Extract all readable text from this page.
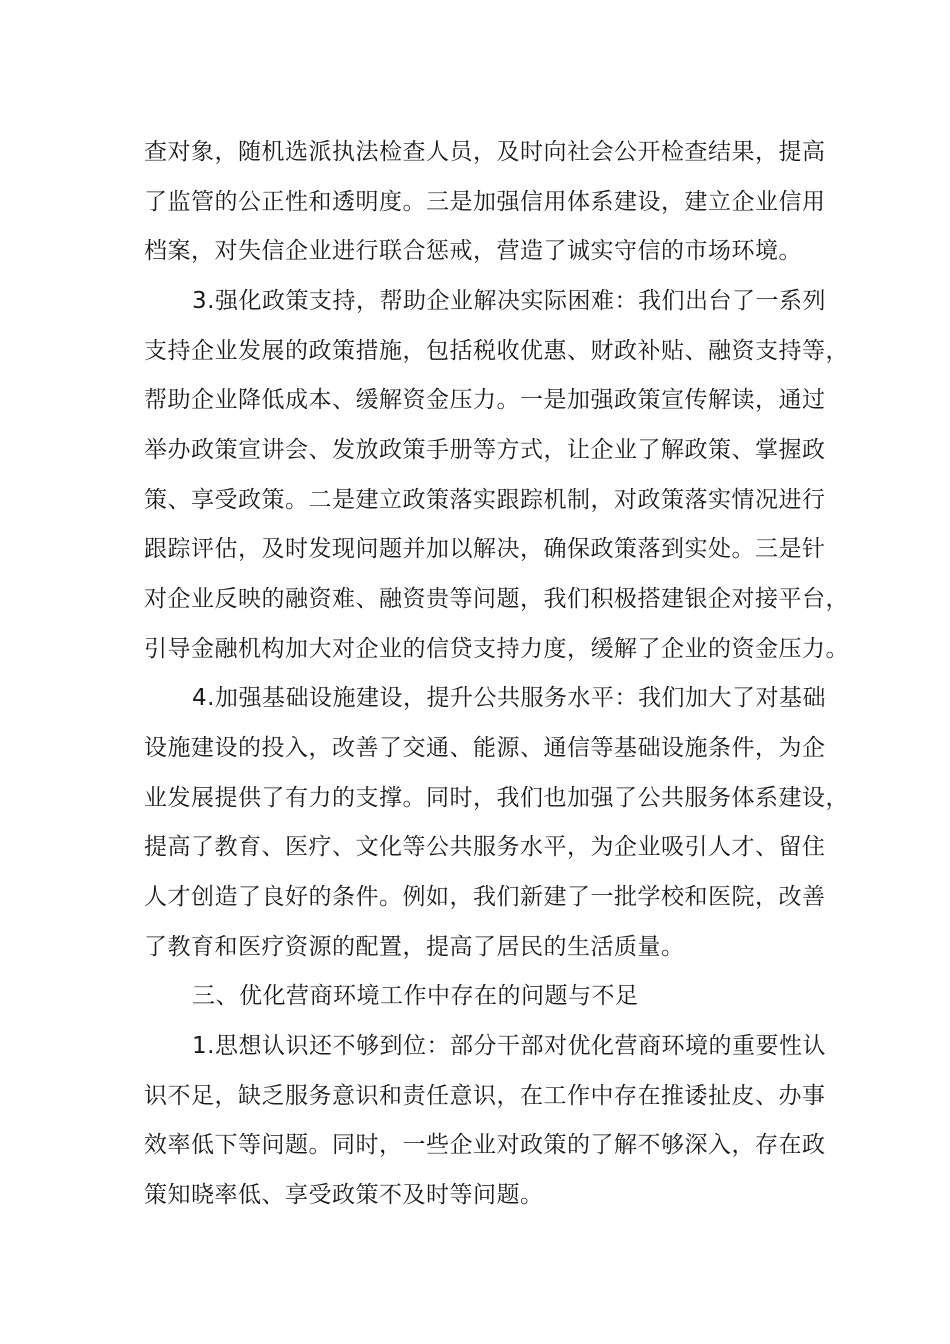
查对象，随机选派执法检查人员，及时向社会公开检查结果，提高
了监管的公正性和透明度。三是加强信用体系建设，建立企业信用
档案，对失信企业进行联合惩戒，营造了诚实守信的市场环境。
3.强化政策支持，帮助企业解决实际困难：我们出台了一系列
支持企业发展的政策措施，包括税收优惠、财政补贴、融资支持等，
帮助企业降低成本、缓解资金压力。一是加强政策宣传解读，通过
举办政策宣讲会、发放政策手册等方式，让企业了解政策、掌握政
策、享受政策。二是建立政策落实跟踪机制，对政策落实情况进行
跟踪评估，及时发现问题并加以解决，确保政策落到实处。三是针
对企业反映的融资难、融资贵等问题，我们积极搭建银企对接平台，
引导金融机构加大对企业的信贷支持力度，缓解了企业的资金压力。
4.加强基础设施建设，提升公共服务水平：我们加大了对基础
设施建设的投入，改善了交通、能源、通信等基础设施条件，为企
业发展提供了有力的支撑。同时，我们也加强了公共服务体系建设，
提高了教育、医疗、文化等公共服务水平，为企业吸引人才、留住
人才创造了良好的条件。例如，我们新建了一批学校和医院，改善
了教育和医疗资源的配置，提高了居民的生活质量。
三、优化营商环境工作中存在的问题与不足
1.思想认识还不够到位：部分干部对优化营商环境的重要性认
识不足，缺乏服务意识和责任意识，在工作中存在推诿扯皮、办事
效率低下等问题。同时，一些企业对政策的了解不够深入，存在政
策知晓率低、享受政策不及时等问题。
